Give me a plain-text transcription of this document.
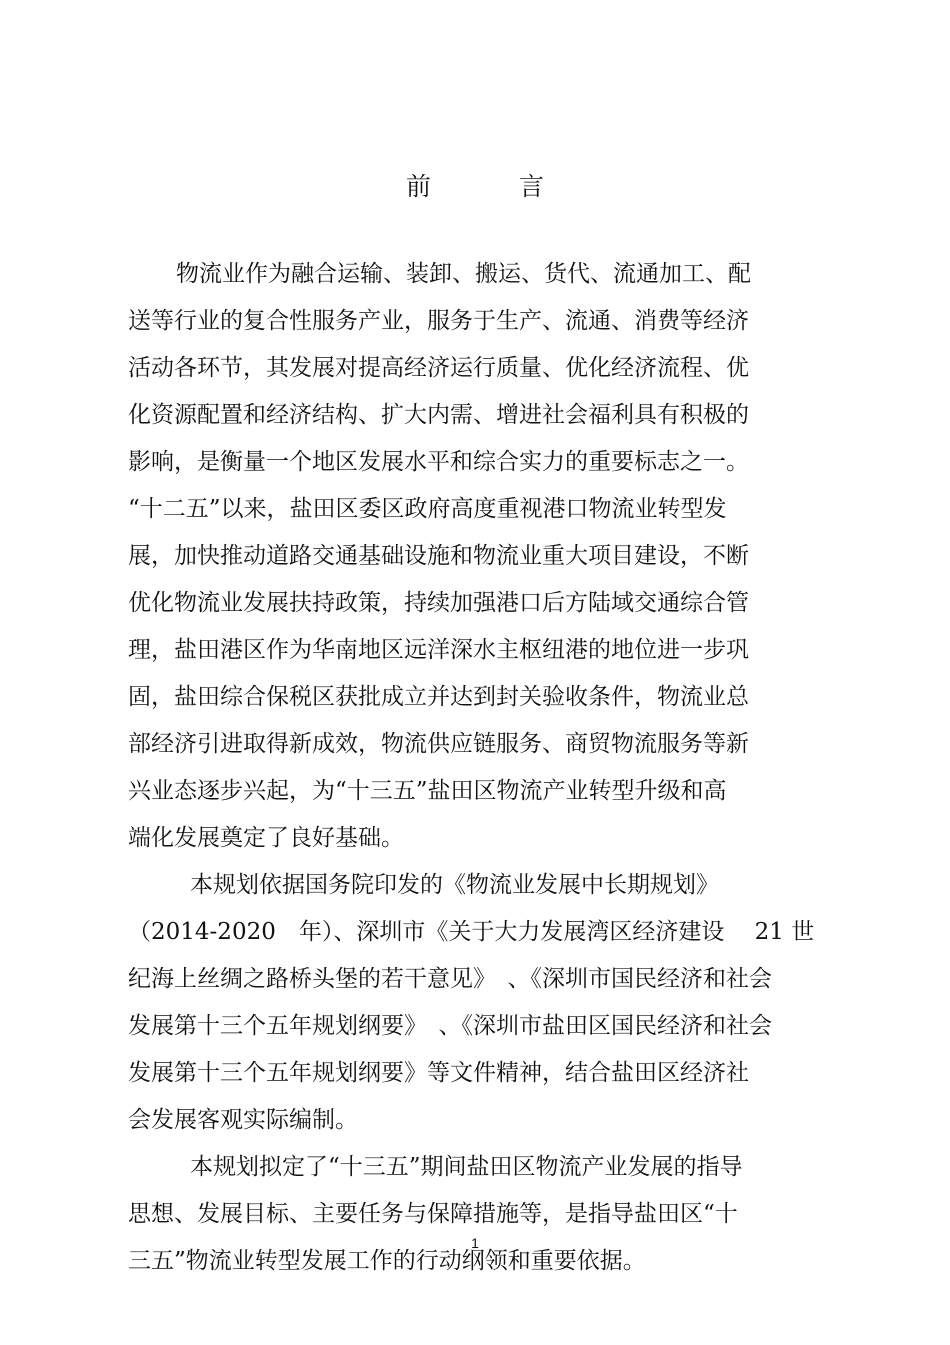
前 言
物流业作为融合运输、装卸、搬运、货代、流通加工、配
送等行业的复合性服务产业，服务于生产、流通、消费等经济
活动各环节，其发展对提高经济运行质量、优化经济流程、优
化资源配置和经济结构、扩大内需、增进社会福利具有积极的
影响，是衡量一个地区发展水平和综合实力的重要标志之一。
“十二五”以来，盐田区委区政府高度重视港口物流业转型发
展，加快推动道路交通基础设施和物流业重大项目建设，不断
优化物流业发展扶持政策，持续加强港口后方陆域交通综合管
理，盐田港区作为华南地区远洋深水主枢纽港的地位进一步巩
固，盐田综合保税区获批成立并达到封关验收条件，物流业总
部经济引进取得新成效，物流供应链服务、商贸物流服务等新
兴业态逐步兴起，为“十三五”盐田区物流产业转型升级和高
端化发展奠定了良好基础。
本规划依据国务院印发的《物流业发展中长期规划》
（2014-2020　年）、深圳市《关于大力发展湾区经济建设　 21 世
纪海上丝绸之路桥头堡的若干意见》　、《深圳市国民经济和社会
发展第十三个五年规划纲要》　、《深圳市盐田区国民经济和社会
发展第十三个五年规划纲要》等文件精神，结合盐田区经济社
会发展客观实际编制。
本规划拟定了“十三五”期间盐田区物流产业发展的指导
思想、发展目标、主要任务与保障措施等，是指导盐田区“十
三五”物流业转型发展工作的行动纲领和重要依据。
1
